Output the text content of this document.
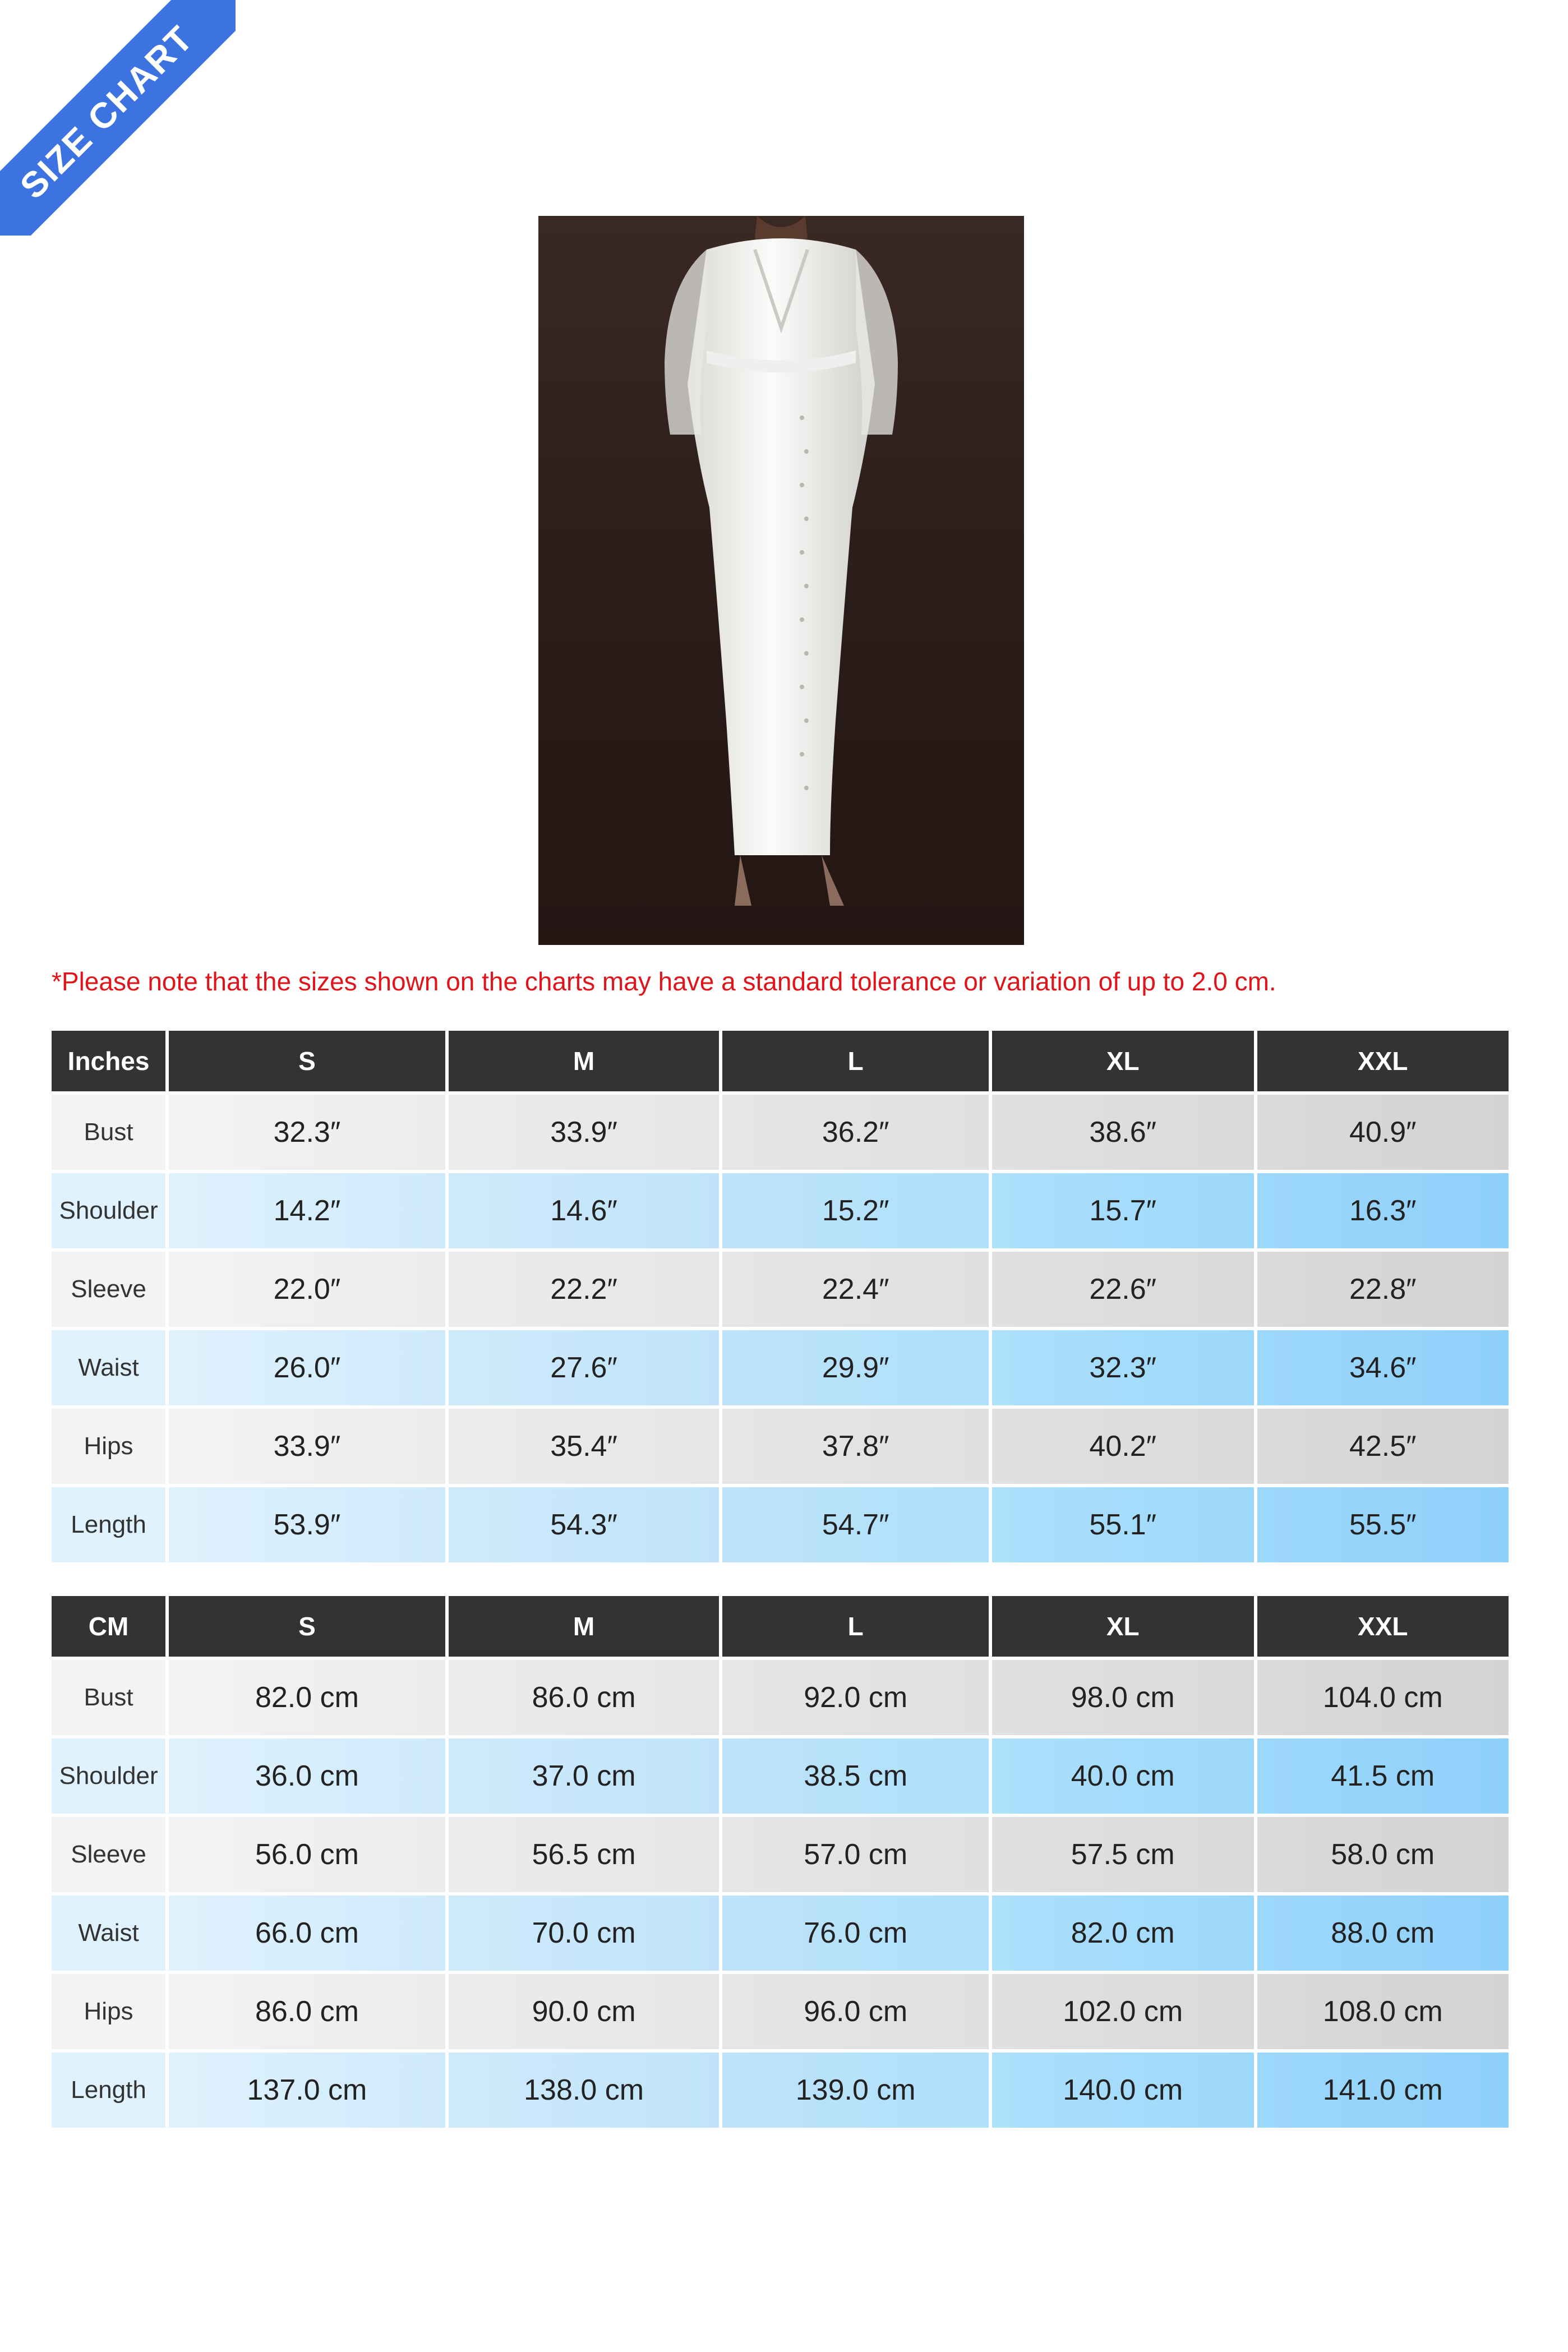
SIZE CHART
*Please note that the sizes shown on the charts may have a standard tolerance or variation of up to 2.0 cm.
Inches	S	M	L	XL	XXL
Bust	32.3″	33.9″	36.2″	38.6″	40.9″
Shoulder	14.2″	14.6″	15.2″	15.7″	16.3″
Sleeve	22.0″	22.2″	22.4″	22.6″	22.8″
Waist	26.0″	27.6″	29.9″	32.3″	34.6″
Hips	33.9″	35.4″	37.8″	40.2″	42.5″
Length	53.9″	54.3″	54.7″	55.1″	55.5″
CM	S	M	L	XL	XXL
Bust	82.0 cm	86.0 cm	92.0 cm	98.0 cm	104.0 cm
Shoulder	36.0 cm	37.0 cm	38.5 cm	40.0 cm	41.5 cm
Sleeve	56.0 cm	56.5 cm	57.0 cm	57.5 cm	58.0 cm
Waist	66.0 cm	70.0 cm	76.0 cm	82.0 cm	88.0 cm
Hips	86.0 cm	90.0 cm	96.0 cm	102.0 cm	108.0 cm
Length	137.0 cm	138.0 cm	139.0 cm	140.0 cm	141.0 cm
